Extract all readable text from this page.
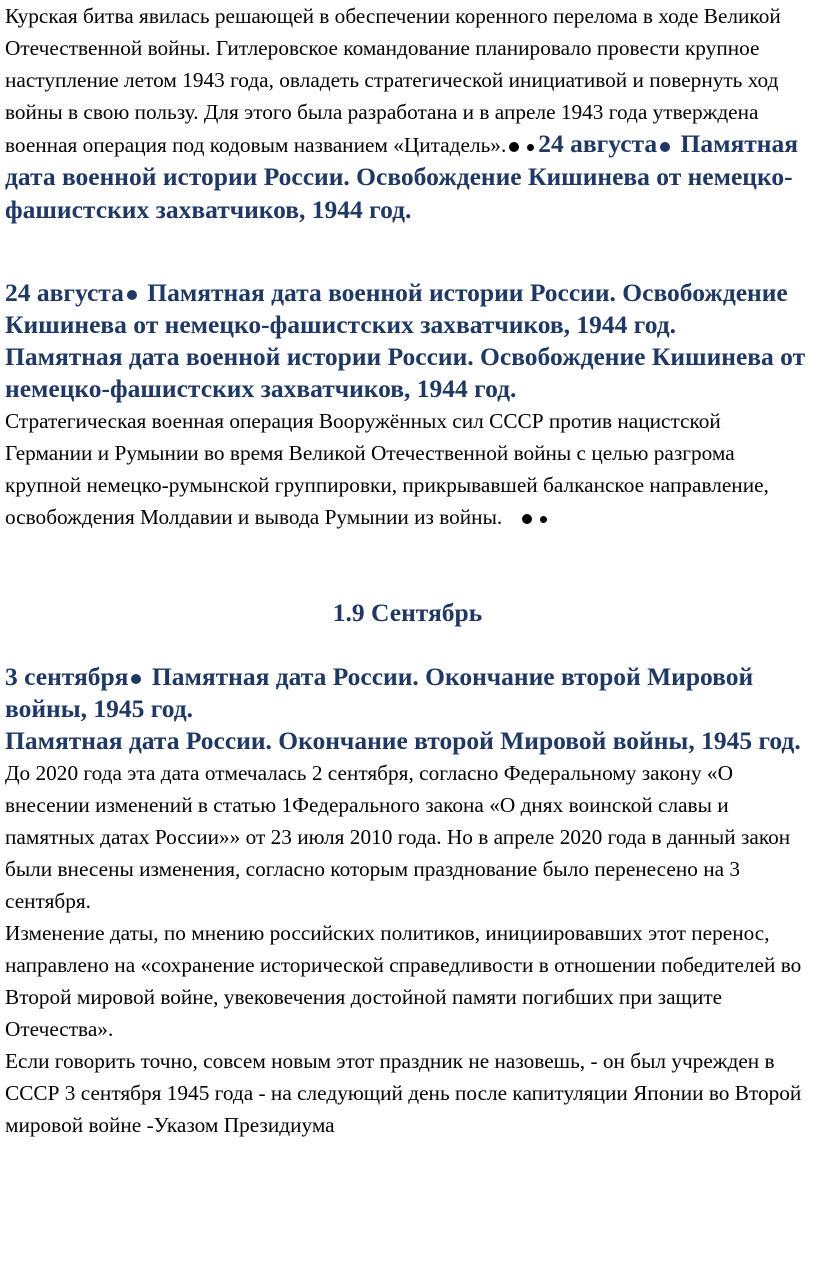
Курская битва явилась решающей в обеспечении коренного перелома в ходе Великой Отечественной войны. Гитлеровское командование планировало провести крупное наступление летом 1943 года, овладеть стратегической инициативой и повернуть ход войны в свою пользу. Для этого была разработана и в апреле 1943 года утверждена военная операция под кодовым названием «Цитадель». 24 августа Памятная дата военной истории России. Освобождение Кишинева от немецко-фашистских захватчиков, 1944 год.

24 августа Памятная дата военной истории России. Освобождение Кишинева от немецко-фашистских захватчиков, 1944 год.

Памятная дата военной истории России. Освобождение Кишинева от немецко-фашистских захватчиков, 1944 год.

Стратегическая военная операция Вооружённых сил СССР против нацистской Германии и Румынии во время Великой Отечественной войны с целью разгрома крупной немецко-румынской группировки, прикрывавшей балканское направление, освобождения Молдавии и вывода Румынии из войны.

1.9 Сентябрь

3 сентября Памятная дата России. Окончание второй Мировой войны, 1945 год.

Памятная дата России. Окончание второй Мировой войны, 1945 год.

До 2020 года эта дата отмечалась 2 сентября, согласно Федеральному закону «О внесении изменений в статью 1Федерального закона «О днях воинской славы и памятных датах России»» от 23 июля 2010 года. Но в апреле 2020 года в данный закон были внесены изменения, согласно которым празднование было перенесено на 3 сентября.

Изменение даты, по мнению российских политиков, инициировавших этот перенос, направлено на «сохранение исторической справедливости в отношении победителей во Второй мировой войне, увековечения достойной памяти погибших при защите Отечества».

Если говорить точно, совсем новым этот праздник не назовешь, - он был учрежден в СССР 3 сентября 1945 года - на следующий день после капитуляции Японии во Второй мировой войне -Указом Президиума
